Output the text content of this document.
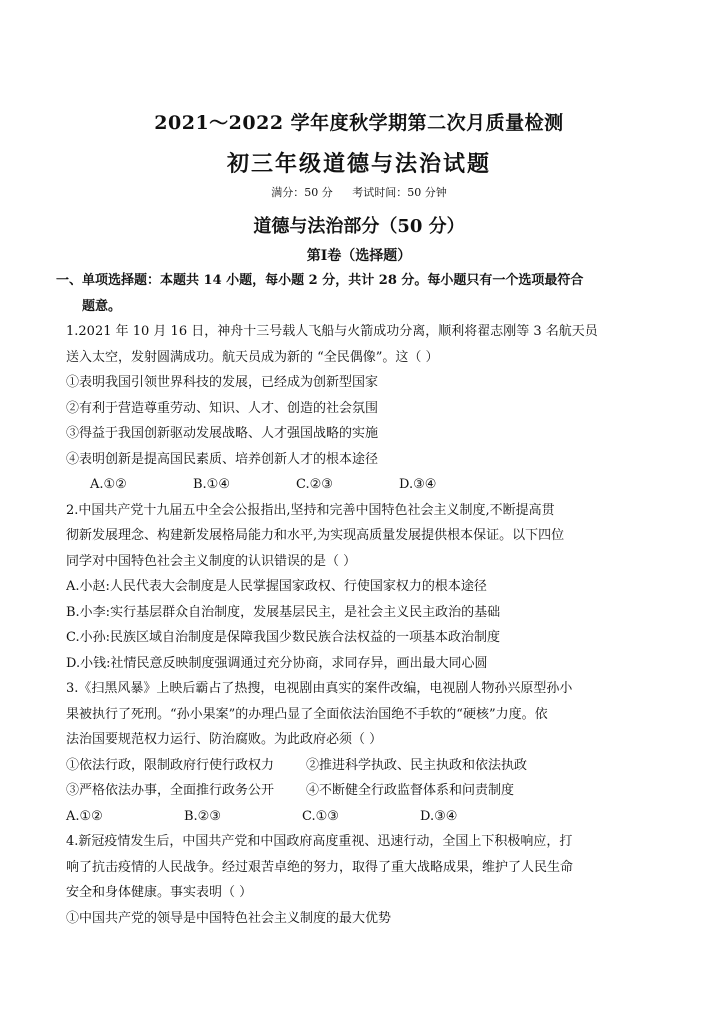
2021～2022 学年度秋学期第二次月质量检测
初三年级道德与法治试题
满分：50 分 考试时间：50 分钟
道德与法治部分（50 分）
第Ⅰ卷（选择题）
一、单项选择题：本题共 14 小题，每小题 2 分，共计 28 分。每小题只有一个选项最符合
题意。
1.2021 年 10 月 16 日，神舟十三号载人飞船与火箭成功分离，顺利将翟志刚等 3 名航天员
送入太空，发射圆满成功。航天员成为新的 “全民偶像”。这（ ）
①表明我国引领世界科技的发展，已经成为创新型国家
②有利于营造尊重劳动、知识、人才、创造的社会氛围
③得益于我国创新驱动发展战略、人才强国战略的实施
④表明创新是提高国民素质、培养创新人才的根本途径
A.①②	B.①④	C.②③	D.③④
2.中国共产党十九届五中全会公报指出,坚持和完善中国特色社会主义制度,不断提高贯
彻新发展理念、构建新发展格局能力和水平,为实现高质量发展提供根本保证。以下四位
同学对中国特色社会主义制度的认识错误的是（ ）
A.小赵:人民代表大会制度是人民掌握国家政权、行使国家权力的根本途径
B.小李:实行基层群众自治制度，发展基层民主，是社会主义民主政治的基础
C.小孙:民族区域自治制度是保障我国少数民族合法权益的一项基本政治制度
D.小钱:社情民意反映制度强调通过充分协商，求同存异，画出最大同心圆
3.《扫黑风暴》上映后霸占了热搜，电视剧由真实的案件改编，电视剧人物孙兴原型孙小
果被执行了死刑。“孙小果案”的办理凸显了全面依法治国绝不手软的“硬核”力度。依
法治国要规范权力运行、防治腐败。为此政府必须（ ）
①依法行政，限制政府行使行政权力	②推进科学执政、民主执政和依法执政
③严格依法办事，全面推行政务公开	④不断健全行政监督体系和问责制度
A.①②	B.②③	C.①③	D.③④
4.新冠疫情发生后，中国共产党和中国政府高度重视、迅速行动，全国上下积极响应，打
响了抗击疫情的人民战争。经过艰苦卓绝的努力，取得了重大战略成果，维护了人民生命
安全和身体健康。事实表明（ ）
①中国共产党的领导是中国特色社会主义制度的最大优势
